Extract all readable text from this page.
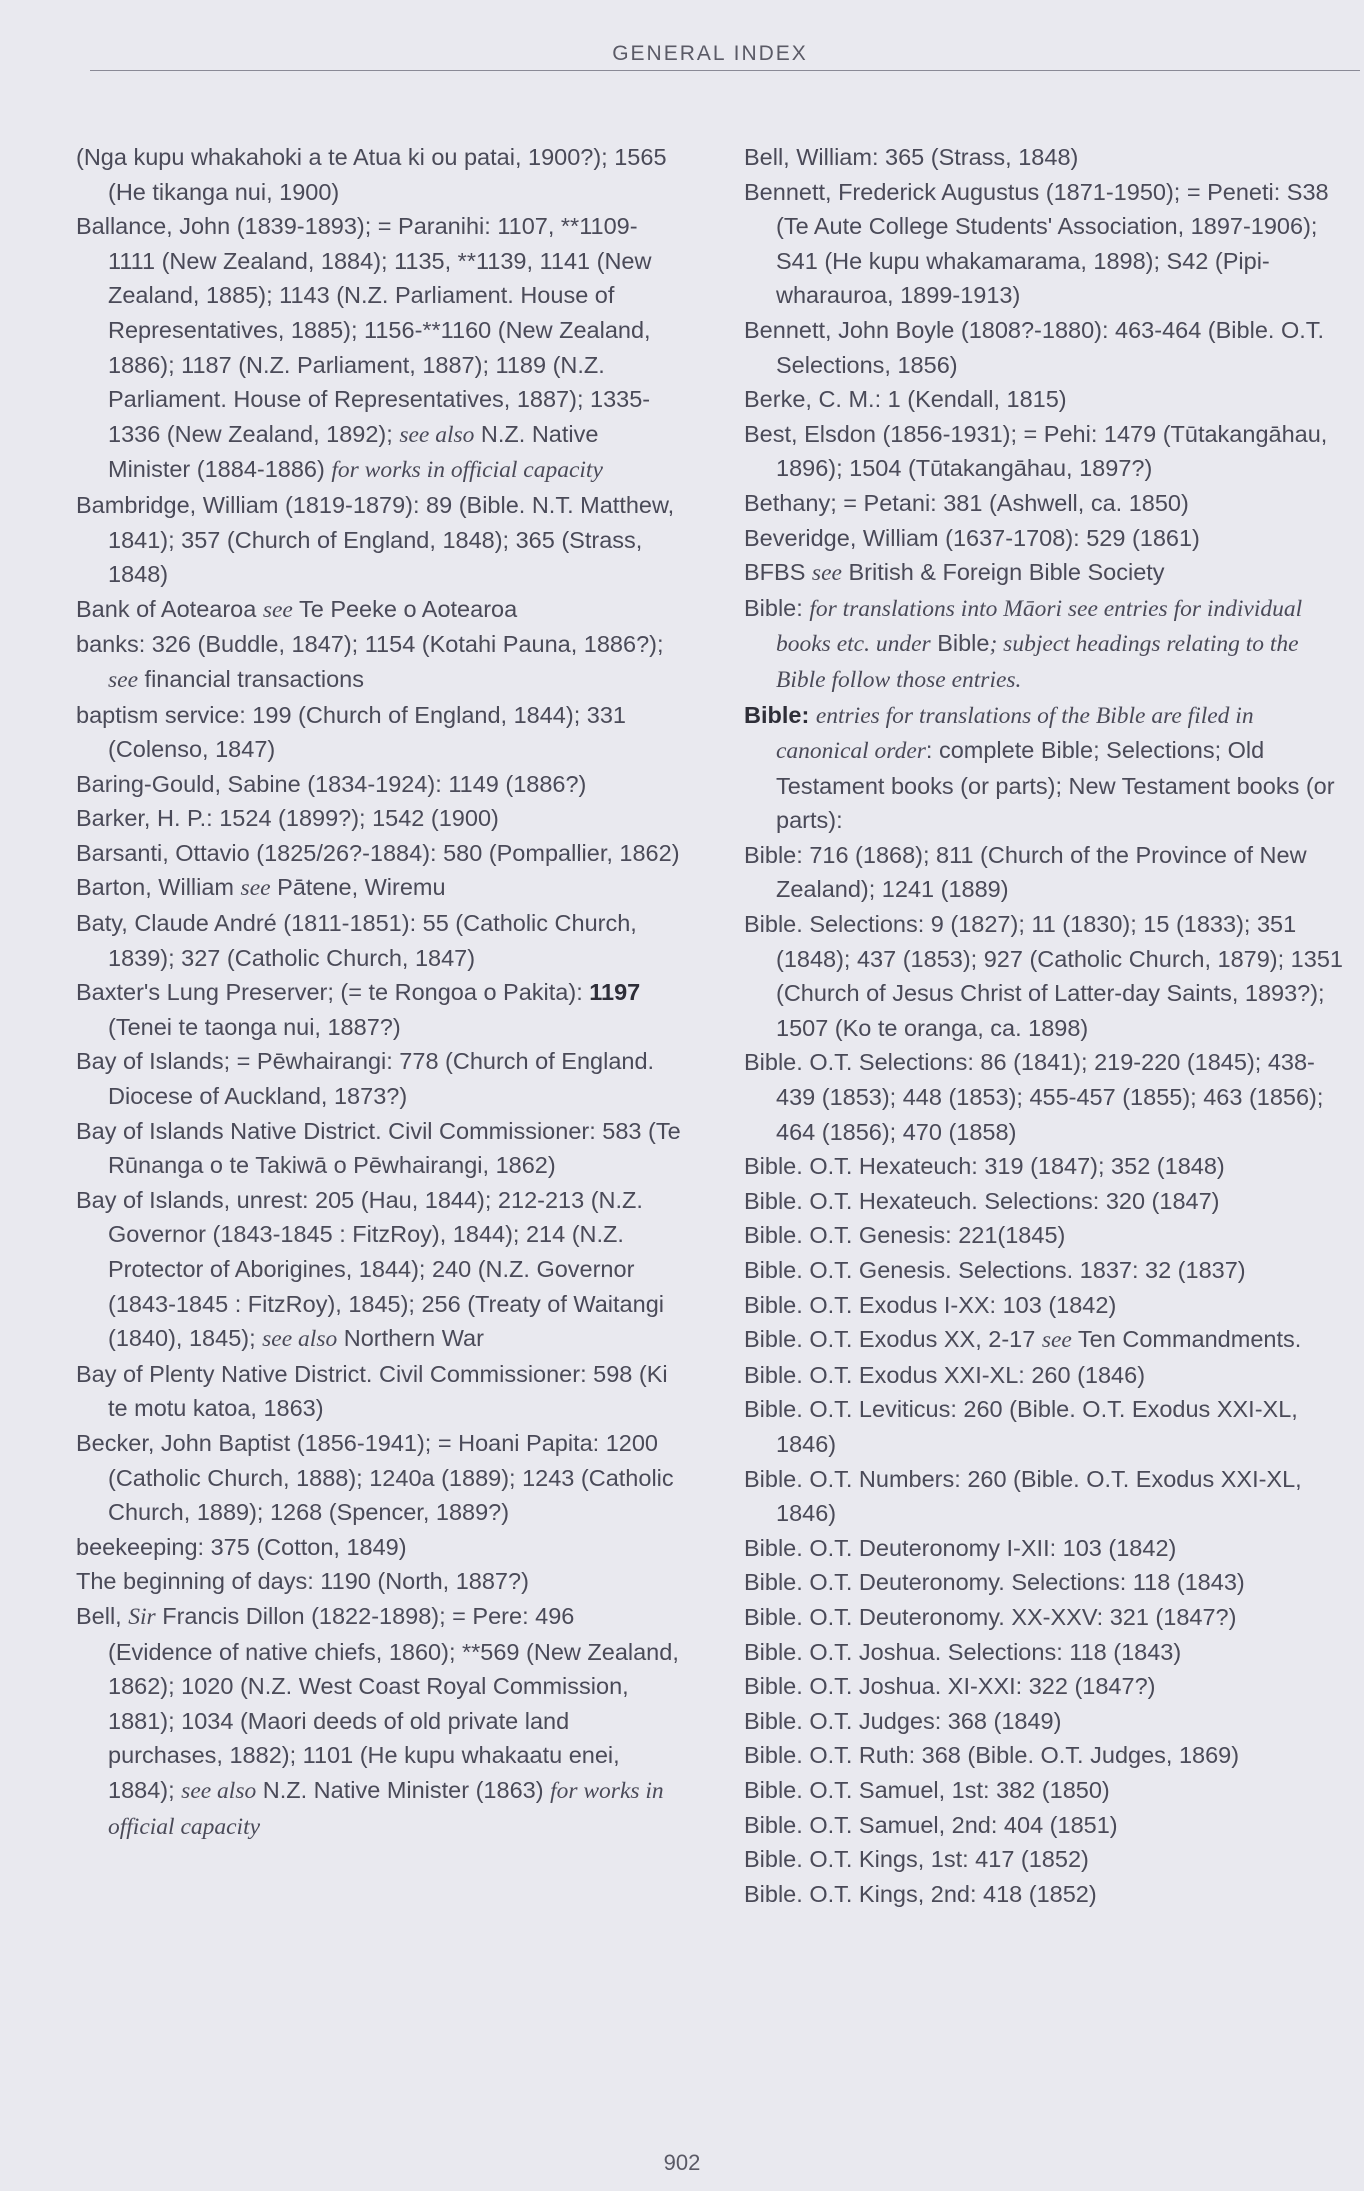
GENERAL INDEX

(Nga kupu whakahoki a te Atua ki ou patai, 1900?); 1565 (He tikanga nui, 1900)

Ballance, John (1839-1893); = Paranihi: 1107, **1109-1111 (New Zealand, 1884); 1135, **1139, 1141 (New Zealand, 1885); 1143 (N.Z. Parliament. House of Representatives, 1885); 1156-**1160 (New Zealand, 1886); 1187 (N.Z. Parliament, 1887); 1189 (N.Z. Parliament. House of Representatives, 1887); 1335-1336 (New Zealand, 1892); see also N.Z. Native Minister (1884-1886) for works in official capacity

Bambridge, William (1819-1879): 89 (Bible. N.T. Matthew, 1841); 357 (Church of England, 1848); 365 (Strass, 1848)

Bank of Aotearoa see Te Peeke o Aotearoa

banks: 326 (Buddle, 1847); 1154 (Kotahi Pauna, 1886?); see financial transactions

baptism service: 199 (Church of England, 1844); 331 (Colenso, 1847)

Baring-Gould, Sabine (1834-1924): 1149 (1886?)

Barker, H. P.: 1524 (1899?); 1542 (1900)

Barsanti, Ottavio (1825/26?-1884): 580 (Pompallier, 1862)

Barton, William see Pātene, Wiremu

Baty, Claude André (1811-1851): 55 (Catholic Church, 1839); 327 (Catholic Church, 1847)

Baxter's Lung Preserver; (= te Rongoa o Pakita): 1197 (Tenei te taonga nui, 1887?)

Bay of Islands; = Pēwhairangi: 778 (Church of England. Diocese of Auckland, 1873?)

Bay of Islands Native District. Civil Commissioner: 583 (Te Rūnanga o te Takiwā o Pēwhairangi, 1862)

Bay of Islands, unrest: 205 (Hau, 1844); 212-213 (N.Z. Governor (1843-1845 : FitzRoy), 1844); 214 (N.Z. Protector of Aborigines, 1844); 240 (N.Z. Governor (1843-1845 : FitzRoy), 1845); 256 (Treaty of Waitangi (1840), 1845); see also Northern War

Bay of Plenty Native District. Civil Commissioner: 598 (Ki te motu katoa, 1863)

Becker, John Baptist (1856-1941); = Hoani Papita: 1200 (Catholic Church, 1888); 1240a (1889); 1243 (Catholic Church, 1889); 1268 (Spencer, 1889?)

beekeeping: 375 (Cotton, 1849)

The beginning of days: 1190 (North, 1887?)

Bell, Sir Francis Dillon (1822-1898); = Pere: 496 (Evidence of native chiefs, 1860); **569 (New Zealand, 1862); 1020 (N.Z. West Coast Royal Commission, 1881); 1034 (Maori deeds of old private land purchases, 1882); 1101 (He kupu whakaatu enei, 1884); see also N.Z. Native Minister (1863) for works in official capacity

Bell, William: 365 (Strass, 1848)

Bennett, Frederick Augustus (1871-1950); = Peneti: S38 (Te Aute College Students' Association, 1897-1906); S41 (He kupu whakamarama, 1898); S42 (Pipi-wharauroa, 1899-1913)

Bennett, John Boyle (1808?-1880): 463-464 (Bible. O.T. Selections, 1856)

Berke, C. M.: 1 (Kendall, 1815)

Best, Elsdon (1856-1931); = Pehi: 1479 (Tūtakangāhau, 1896); 1504 (Tūtakangāhau, 1897?)

Bethany; = Petani: 381 (Ashwell, ca. 1850)

Beveridge, William (1637-1708): 529 (1861)

BFBS see British & Foreign Bible Society

Bible: for translations into Māori see entries for individual books etc. under Bible; subject headings relating to the Bible follow those entries.

Bible: entries for translations of the Bible are filed in canonical order: complete Bible; Selections; Old Testament books (or parts); New Testament books (or parts):

Bible: 716 (1868); 811 (Church of the Province of New Zealand); 1241 (1889)

Bible. Selections: 9 (1827); 11 (1830); 15 (1833); 351 (1848); 437 (1853); 927 (Catholic Church, 1879); 1351 (Church of Jesus Christ of Latter-day Saints, 1893?); 1507 (Ko te oranga, ca. 1898)

Bible. O.T. Selections: 86 (1841); 219-220 (1845); 438-439 (1853); 448 (1853); 455-457 (1855); 463 (1856); 464 (1856); 470 (1858)

Bible. O.T. Hexateuch: 319 (1847); 352 (1848)

Bible. O.T. Hexateuch. Selections: 320 (1847)

Bible. O.T. Genesis: 221(1845)

Bible. O.T. Genesis. Selections. 1837: 32 (1837)

Bible. O.T. Exodus I-XX: 103 (1842)

Bible. O.T. Exodus XX, 2-17 see Ten Commandments.

Bible. O.T. Exodus XXI-XL: 260 (1846)

Bible. O.T. Leviticus: 260 (Bible. O.T. Exodus XXI-XL, 1846)

Bible. O.T. Numbers: 260 (Bible. O.T. Exodus XXI-XL, 1846)

Bible. O.T. Deuteronomy I-XII: 103 (1842)

Bible. O.T. Deuteronomy. Selections: 118 (1843)

Bible. O.T. Deuteronomy. XX-XXV: 321 (1847?)

Bible. O.T. Joshua. Selections: 118 (1843)

Bible. O.T. Joshua. XI-XXI: 322 (1847?)

Bible. O.T. Judges: 368 (1849)

Bible. O.T. Ruth: 368 (Bible. O.T. Judges, 1869)

Bible. O.T. Samuel, 1st: 382 (1850)

Bible. O.T. Samuel, 2nd: 404 (1851)

Bible. O.T. Kings, 1st: 417 (1852)

Bible. O.T. Kings, 2nd: 418 (1852)

902
